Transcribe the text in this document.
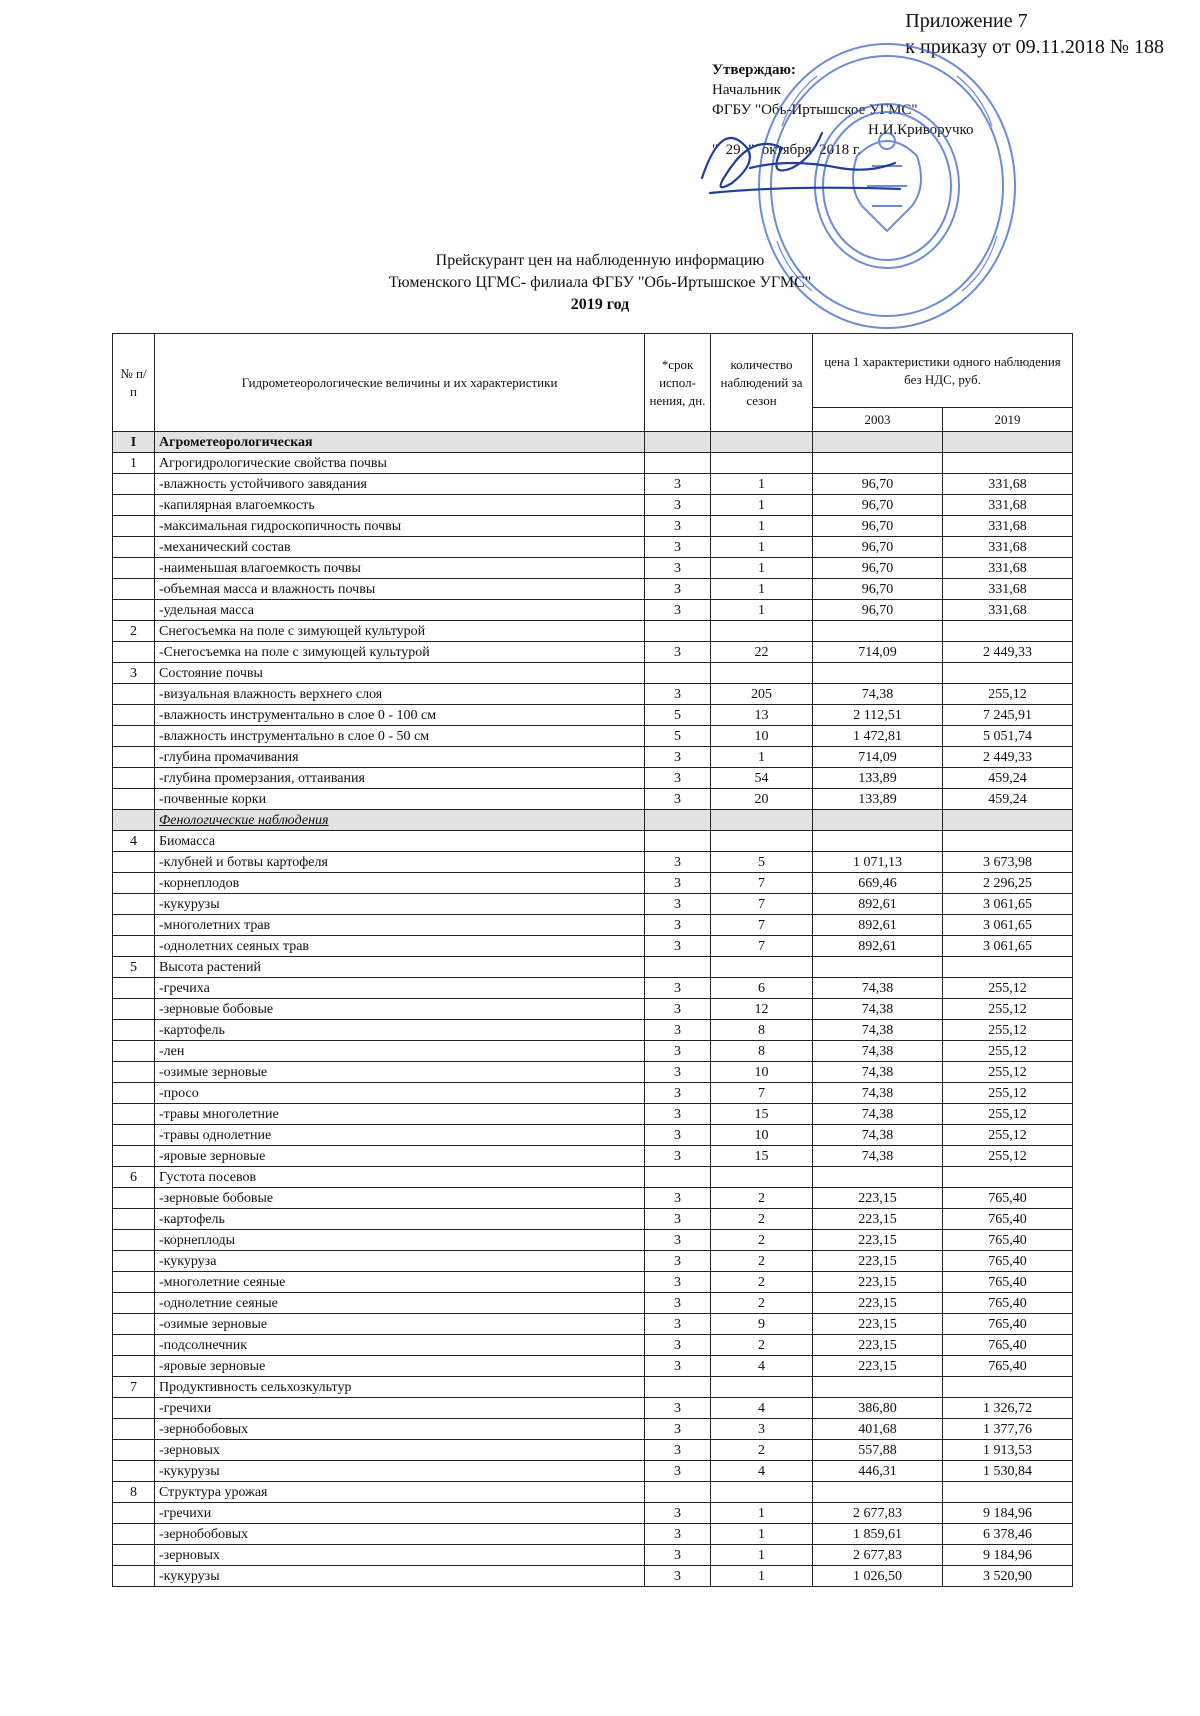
Приложение 7
к приказу от 09.11.2018 № 188
Утверждаю:
Начальник
ФГБУ "Обь-Иртышское УГМС"
Н.И.Криворучко
"  29  "  октября  2018 г.
Прейскурант цен на наблюденную информацию
Тюменского ЦГМС- филиала ФГБУ "Обь-Иртышское УГМС"
2019 год
№ п/п	Гидрометеорологические величины и их характеристики	*срок испол-нения, дн.	количество наблюдений за сезон	цена 1 характеристики одного наблюдения без НДС, руб.	
				2003	2019
I	Агрометеорологическая				
1	Агрогидрологические свойства почвы				
	-влажность устойчивого завядания	3	1	96,70	331,68
	-капилярная влагоемкость	3	1	96,70	331,68
	-максимальная гидроскопичность почвы	3	1	96,70	331,68
	-механический состав	3	1	96,70	331,68
	-наименьшая влагоемкость почвы	3	1	96,70	331,68
	-объемная масса и влажность почвы	3	1	96,70	331,68
	-удельная масса	3	1	96,70	331,68
2	Снегосъемка на поле с зимующей культурой				
	-Снегосъемка на поле с зимующей культурой	3	22	714,09	2 449,33
3	Состояние почвы				
	-визуальная влажность верхнего слоя	3	205	74,38	255,12
	-влажность инструментально в слое 0 - 100 см	5	13	2 112,51	7 245,91
	-влажность инструментально в слое 0 - 50 см	5	10	1 472,81	5 051,74
	-глубина промачивания	3	1	714,09	2 449,33
	-глубина промерзания, оттаивания	3	54	133,89	459,24
	-почвенные корки	3	20	133,89	459,24
	Фенологические наблюдения				
4	Биомасса				
	-клубней и ботвы картофеля	3	5	1 071,13	3 673,98
	-корнеплодов	3	7	669,46	2 296,25
	-кукурузы	3	7	892,61	3 061,65
	-многолетних трав	3	7	892,61	3 061,65
	-однолетних сеяных трав	3	7	892,61	3 061,65
5	Высота растений				
	-гречиха	3	6	74,38	255,12
	-зерновые бобовые	3	12	74,38	255,12
	-картофель	3	8	74,38	255,12
	-лен	3	8	74,38	255,12
	-озимые зерновые	3	10	74,38	255,12
	-просо	3	7	74,38	255,12
	-травы многолетние	3	15	74,38	255,12
	-травы однолетние	3	10	74,38	255,12
	-яровые зерновые	3	15	74,38	255,12
6	Густота посевов				
	-зерновые бобовые	3	2	223,15	765,40
	-картофель	3	2	223,15	765,40
	-корнеплоды	3	2	223,15	765,40
	-кукуруза	3	2	223,15	765,40
	-многолетние сеяные	3	2	223,15	765,40
	-однолетние сеяные	3	2	223,15	765,40
	-озимые зерновые	3	9	223,15	765,40
	-подсолнечник	3	2	223,15	765,40
	-яровые зерновые	3	4	223,15	765,40
7	Продуктивность сельхозкультур				
	-гречихи	3	4	386,80	1 326,72
	-зернобобовых	3	3	401,68	1 377,76
	-зерновых	3	2	557,88	1 913,53
	-кукурузы	3	4	446,31	1 530,84
8	Структура урожая				
	-гречихи	3	1	2 677,83	9 184,96
	-зернобобовых	3	1	1 859,61	6 378,46
	-зерновых	3	1	2 677,83	9 184,96
	-кукурузы	3	1	1 026,50	3 520,90
